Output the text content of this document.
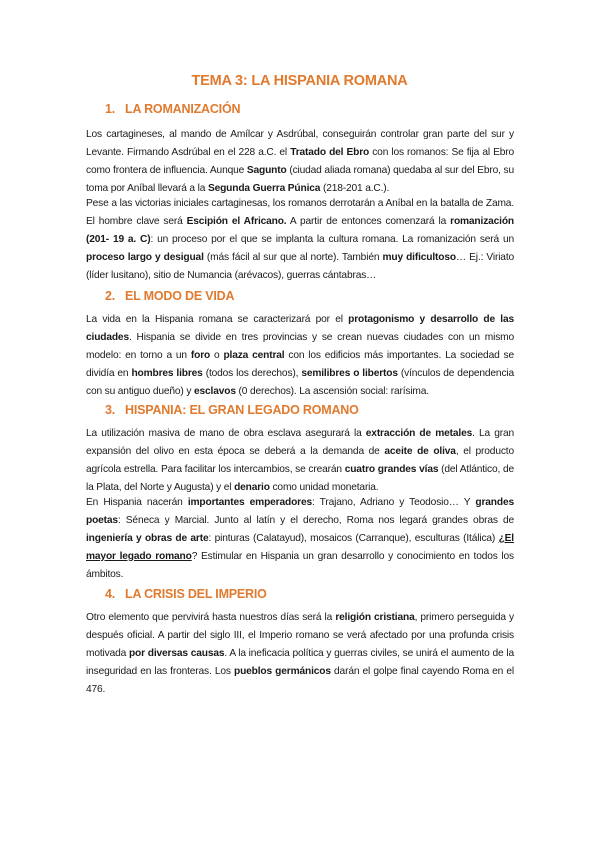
TEMA 3: LA HISPANIA ROMANA
1. LA ROMANIZACIÓN
Los cartagineses, al mando de Amílcar y Asdrúbal, conseguirán controlar gran parte del sur y Levante. Firmando Asdrúbal en el 228 a.C. el Tratado del Ebro con los romanos: Se fija al Ebro como frontera de influencia. Aunque Sagunto (ciudad aliada romana) quedaba al sur del Ebro, su toma por Aníbal llevará a la Segunda Guerra Púnica (218-201 a.C.).
Pese a las victorias iniciales cartaginesas, los romanos derrotarán a Aníbal en la batalla de Zama. El hombre clave será Escipión el Africano. A partir de entonces comenzará la romanización (201- 19 a. C): un proceso por el que se implanta la cultura romana. La romanización será un proceso largo y desigual (más fácil al sur que al norte). También muy dificultoso… Ej.: Viriato (líder lusitano), sitio de Numancia (arévacos), guerras cántabras…
2. EL MODO DE VIDA
La vida en la Hispania romana se caracterizará por el protagonismo y desarrollo de las ciudades. Hispania se divide en tres provincias y se crean nuevas ciudades con un mismo modelo: en torno a un foro o plaza central con los edificios más importantes. La sociedad se dividía en hombres libres (todos los derechos), semilibres o libertos (vínculos de dependencia con su antiguo dueño) y esclavos (0 derechos). La ascensión social: rarísima.
3. HISPANIA: EL GRAN LEGADO ROMANO
La utilización masiva de mano de obra esclava asegurará la extracción de metales. La gran expansión del olivo en esta época se deberá a la demanda de aceite de oliva, el producto agrícola estrella. Para facilitar los intercambios, se crearán cuatro grandes vías (del Atlántico, de la Plata, del Norte y Augusta) y el denario como unidad monetaria.
En Hispania nacerán importantes emperadores: Trajano, Adriano y Teodosio… Y grandes poetas: Séneca y Marcial. Junto al latín y el derecho, Roma nos legará grandes obras de ingeniería y obras de arte: pinturas (Calatayud), mosaicos (Carranque), esculturas (Itálica) ¿El mayor legado romano? Estimular en Hispania un gran desarrollo y conocimiento en todos los ámbitos.
4. LA CRISIS DEL IMPERIO
Otro elemento que pervivirá hasta nuestros días será la religión cristiana, primero perseguida y después oficial. A partir del siglo III, el Imperio romano se verá afectado por una profunda crisis motivada por diversas causas. A la ineficacia política y guerras civiles, se unirá el aumento de la inseguridad en las fronteras. Los pueblos germánicos darán el golpe final cayendo Roma en el 476.
